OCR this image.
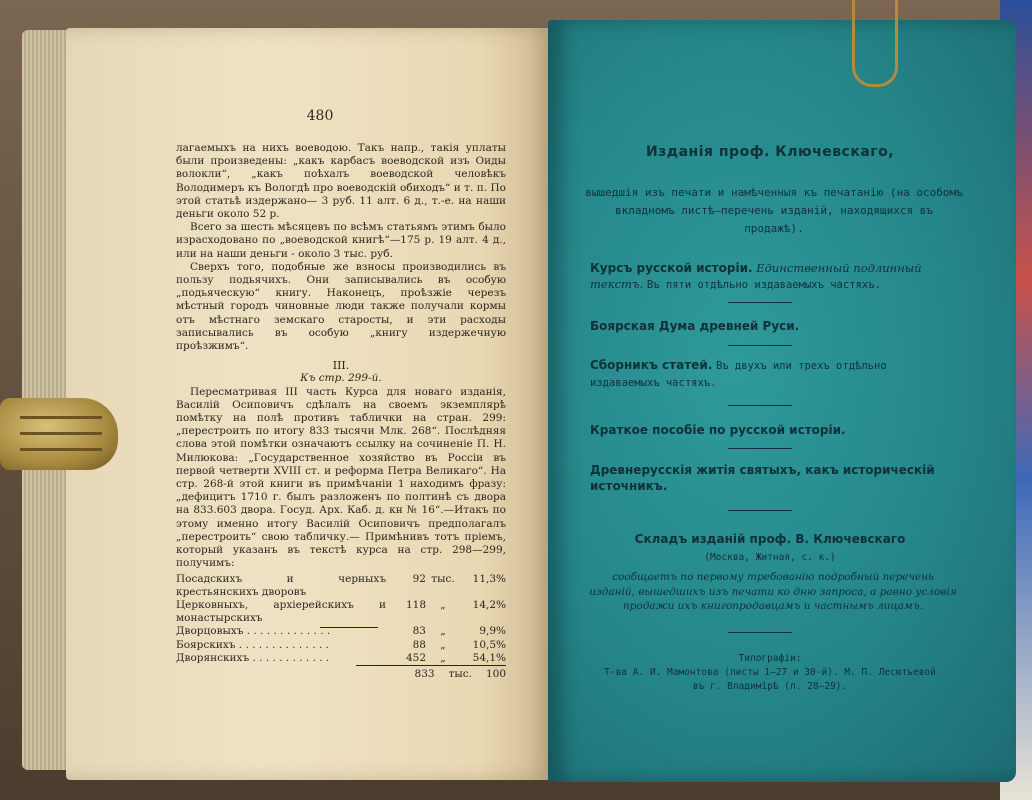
480

лагаемыхъ на нихъ воеводою. Такъ напр., такія уплаты были произведены: „какъ карбасъ воеводской изъ Оиды волокли“, „какъ поѣхалъ воеводской человѣкъ Володимеръ къ Вологдѣ про воеводскій обиходъ“ и т. п. По этой статьѣ издержано— 3 руб. 11 алт. 6 д., т.-е. на наши деньги около 52 р.

Всего за шесть мѣсяцевъ по всѣмъ статьямъ этимъ было израсходовано по „воеводской книгѣ“—175 р. 19 алт. 4 д., или на наши деньги - около 3 тыс. руб.

Сверхъ того, подобные же взносы производились въ пользу подьячихъ. Они записывались въ особую „подьяческую“ книгу. Наконецъ, проѣзжіе черезъ мѣстный городъ чиновные люди также получали кормы отъ мѣстнаго земскаго старосты, и эти расходы записывались въ особую „книгу издержечную проѣзжимъ“.

III.
Къ стр. 299-й.

Пересматривая III часть Курса для новаго изданія, Василій Осиповичъ сдѣлалъ на своемъ экземплярѣ помѣтку на полѣ противъ таблички на стран. 299: „перестроить по итогу 833 тысячи Млк. 268“. Послѣдняя слова этой помѣтки означаютъ ссылку на сочиненіе П. Н. Милюкова: „Государственное хозяйство въ Россіи въ первой четверти XVIII ст. и реформа Петра Великаго“. На стр. 268-й этой книги въ примѣчаніи 1 находимъ фразу: „дефицитъ 1710 г. былъ разложенъ по полтинѣ съ двора на 833.603 двора. Госуд. Арх. Каб. д. кн № 16“.—Итакъ по этому именно итогу Василій Осиповичъ предполагалъ „перестроить“ свою табличку.— Примѣнивъ тотъ пріемъ, который указанъ въ текстѣ курса на стр. 298—299, получимъ:

Посадскихъ и черныхъ крестьянскихъ дворовъ
92 тыс.	11,3%
Церковныхъ, архіерейскихъ и монастырскихъ
118	„	14,2%
Дворцовыхъ . . . . . . . . . . . . .	83	„	9,9%
Боярскихъ . . . . . . . . . . . . . .	88	„	10,5%
Дворянскихъ . . . . . . . . . . . .	452	„	54,1%
833 тыс. 100
Изданія проф. Ключевскаго,
вышедшія изъ печати и намѣченныя къ печатанію (на особомъ вкладномъ листѣ—перечень изданій, находящихся въ продажѣ).
Курсъ русской исторіи. Единственный подлинный текстъ. Въ пяти отдѣльно издаваемыхъ частяхъ.
Боярская Дума древней Руси.
Сборникъ статей. Въ двухъ или трехъ отдѣльно издаваемыхъ частяхъ.
Краткое пособіе по русской исторіи.
Древнерусскія житія святыхъ, какъ историческій источникъ.
Складъ изданій проф. В. Ключевскаго
(Москва, Житная, с. к.)
сообщаетъ по первому требованію подробный перечень изданій, вышедшихъ изъ печати ко дню запроса, а равно условія продажи ихъ книгопродавцамъ и частнымъ лицамъ.
Типографіи:
Т-ва А. И. Мамонтова (листы 1—27 и 30-й). М. П. Лесютьевой въ г. Владимірѣ (л. 28—29).
